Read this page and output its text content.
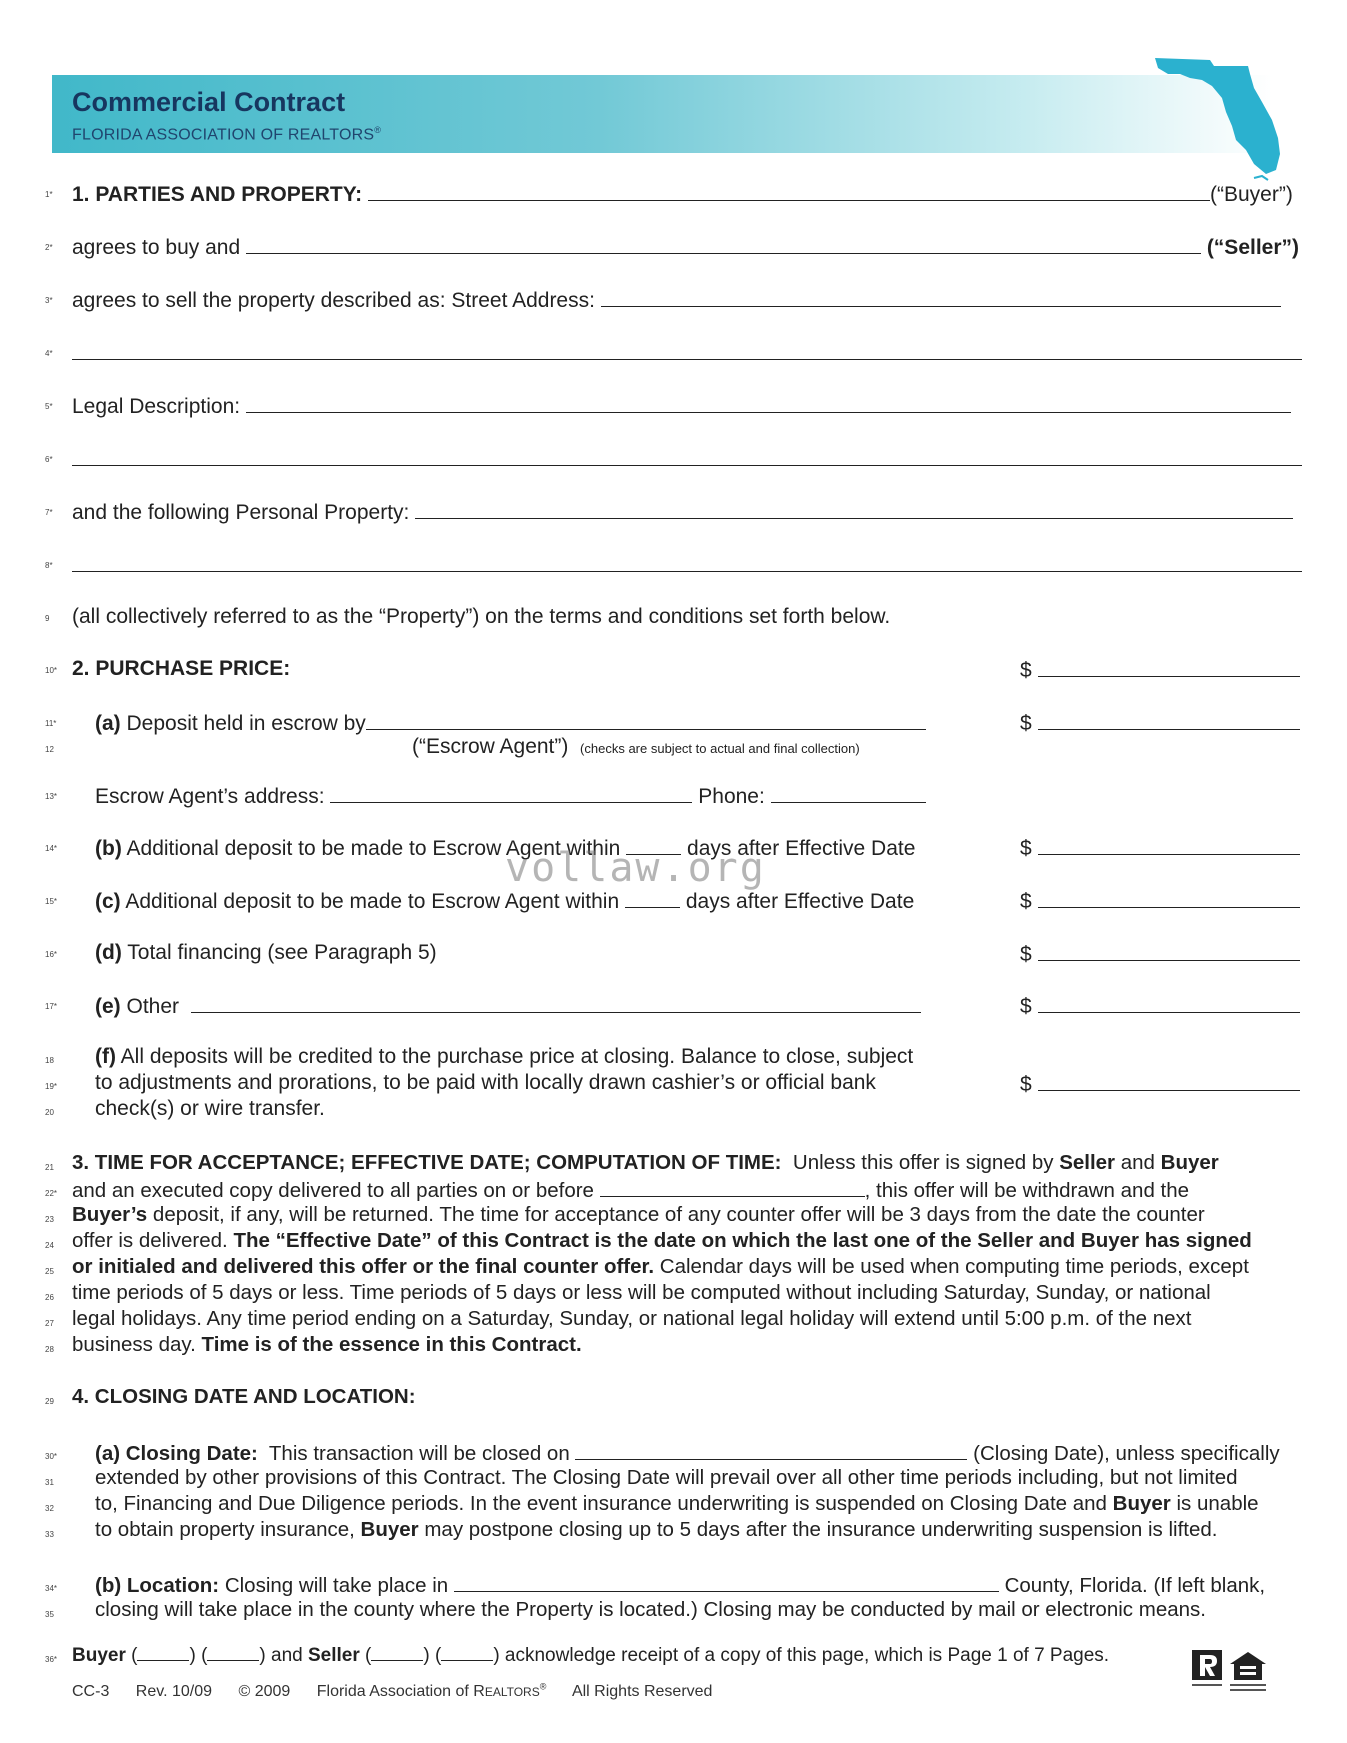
Commercial Contract
FLORIDA ASSOCIATION OF REALTORS®
1* 1. PARTIES AND PROPERTY:	(“Buyer”)
2* agrees to buy and	(“Seller”)
3* agrees to sell the property described as: Street Address:
4*
5* Legal Description:
6*
7* and the following Personal Property:
8*
9 (all collectively referred to as the “Property”) on the terms and conditions set forth below.
10* 2. PURCHASE PRICE:	$
11* (a) Deposit held in escrow by	$
12	(“Escrow Agent”) (checks are subject to actual and final collection)
13* Escrow Agent’s address:	Phone:
14* (b) Additional deposit to be made to Escrow Agent within	days after Effective Date	$
15* (c) Additional deposit to be made to Escrow Agent within	days after Effective Date	$
16* (d) Total financing (see Paragraph 5)	$
17* (e) Other	$
18 (f) All deposits will be credited to the purchase price at closing. Balance to close, subject
19* to adjustments and prorations, to be paid with locally drawn cashier’s or official bank	$
20 check(s) or wire transfer.
21 3. TIME FOR ACCEPTANCE; EFFECTIVE DATE; COMPUTATION OF TIME: Unless this offer is signed by Seller and Buyer
22* and an executed copy delivered to all parties on or before	, this offer will be withdrawn and the
23 Buyer’s deposit, if any, will be returned. The time for acceptance of any counter offer will be 3 days from the date the counter
24 offer is delivered. The “Effective Date” of this Contract is the date on which the last one of the Seller and Buyer has signed
25 or initialed and delivered this offer or the final counter offer. Calendar days will be used when computing time periods, except
26 time periods of 5 days or less. Time periods of 5 days or less will be computed without including Saturday, Sunday, or national
27 legal holidays. Any time period ending on a Saturday, Sunday, or national legal holiday will extend until 5:00 p.m. of the next
28 business day. Time is of the essence in this Contract.
29 4. CLOSING DATE AND LOCATION:
30* (a) Closing Date: This transaction will be closed on	(Closing Date), unless specifically
31 extended by other provisions of this Contract. The Closing Date will prevail over all other time periods including, but not limited
32 to, Financing and Due Diligence periods. In the event insurance underwriting is suspended on Closing Date and Buyer is unable
33 to obtain property insurance, Buyer may postpone closing up to 5 days after the insurance underwriting suspension is lifted.
34* (b) Location: Closing will take place in	County, Florida. (If left blank,
35 closing will take place in the county where the Property is located.) Closing may be conducted by mail or electronic means.
36* Buyer (	) (	) and Seller (	) (	) acknowledge receipt of a copy of this page, which is Page 1 of 7 Pages.
vollaw.org
CC-3 Rev. 10/09 © 2009 Florida Association of REALTORS® All Rights Reserved
